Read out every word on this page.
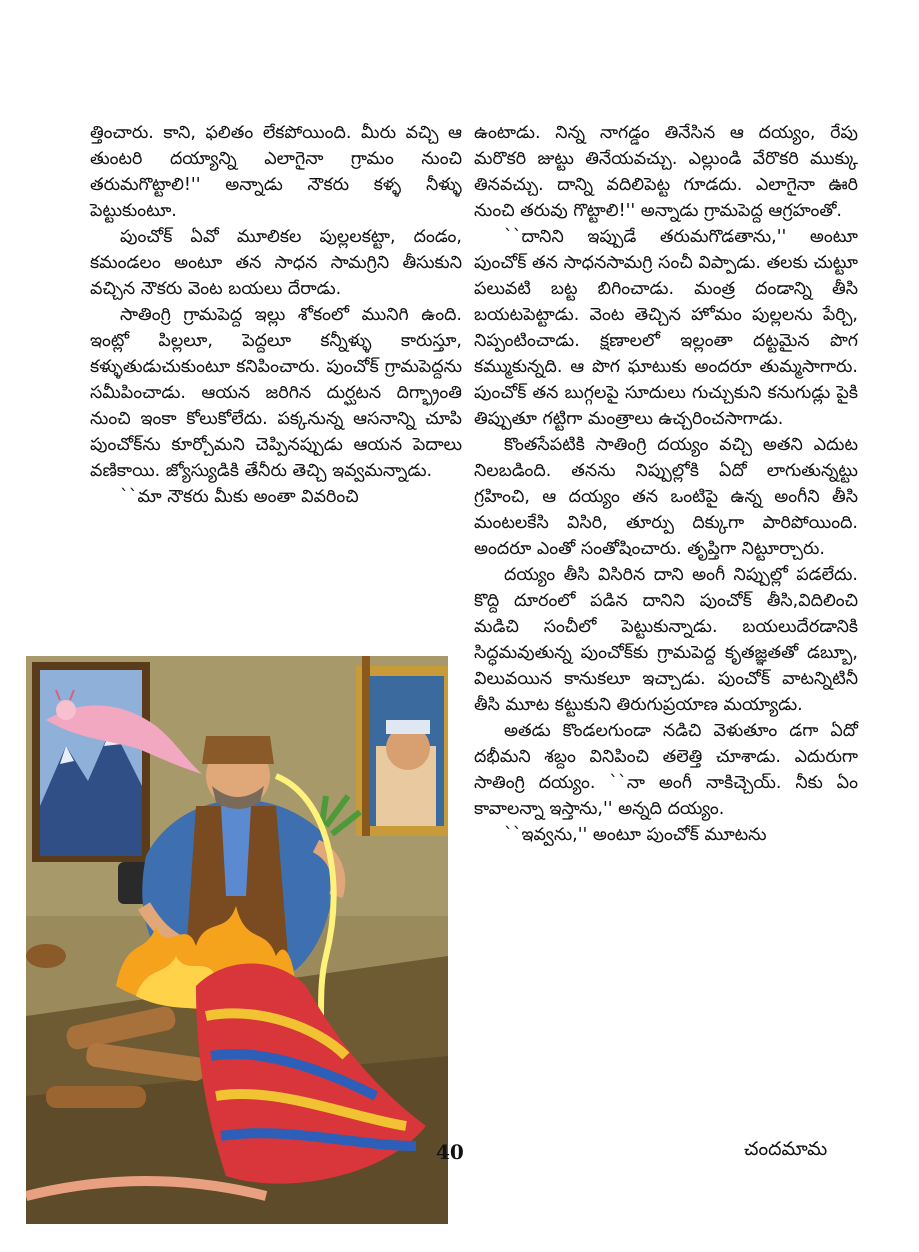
త్తించారు. కాని, ఫలితం లేకపోయింది. మీరు వచ్చి ఆ తుంటరి దయ్యాన్ని ఎలాగైనా గ్రామం నుంచి తరుమగొట్టాలి!'' అన్నాడు నౌకరు కళ్ళ నీళ్ళు పెట్టుకుంటూ.

పుంచోక్ ఏవో మూలికల పుల్లలకట్టా, దండం, కమండలం అంటూ తన సాధన సామగ్రిని తీసుకుని వచ్చిన నౌకరు వెంట బయలు దేరాడు.

సాతింగ్రి గ్రామపెద్ద ఇల్లు శోకంలో మునిగి ఉంది. ఇంట్లో పిల్లలూ, పెద్దలూ కన్నీళ్ళు కారుస్తూ, కళ్ళుతుడుచుకుంటూ కనిపించారు. పుంచోక్ గ్రామపెద్దను సమీపించాడు. ఆయన జరిగిన దుర్ఘటన దిగ్భ్రాంతి నుంచి ఇంకా కోలుకోలేదు. పక్కనున్న ఆసనాన్ని చూపి పుంచోక్‌ను కూర్చోమని చెప్పినప్పుడు ఆయన పెదాలు వణికాయి. జ్యోస్యుడికి తేనీరు తెచ్చి ఇవ్వమన్నాడు.

``మా నౌకరు మీకు అంతా వివరించి

ఉంటాడు. నిన్న నాగడ్డం తినేసిన ఆ దయ్యం, రేపు మరొకరి జుట్టు తినేయవచ్చు. ఎల్లుండి వేరొకరి ముక్కు తినవచ్చు. దాన్ని వదిలిపెట్ట గూడదు. ఎలాగైనా ఊరి నుంచి తరువు గొట్టాలి!'' అన్నాడు గ్రామపెద్ద ఆగ్రహంతో.

``దానిని ఇప్పుడే తరుమగొడతాను,'' అంటూ పుంచోక్ తన సాధనసామగ్రి సంచీ విప్పాడు. తలకు చుట్టూ పలువటి బట్ట బిగించాడు. మంత్ర దండాన్ని తీసి బయటపెట్టాడు. వెంట తెచ్చిన హోమం పుల్లలను పేర్చి, నిప్పంటించాడు. క్షణాలలో ఇల్లంతా దట్టమైన పొగ కమ్ముకున్నది. ఆ పొగ ఘాటుకు అందరూ తుమ్మసాగారు. పుంచోక్ తన బుగ్గలపై సూదులు గుచ్చుకుని కనుగుడ్లు పైకి తిప్పుతూ గట్టిగా మంత్రాలు ఉచ్చరించసాగాడు.

కొంతసేపటికి సాతింగ్రి దయ్యం వచ్చి అతని ఎదుట నిలబడింది. తనను నిప్పుల్లోకి ఏదో లాగుతున్నట్టు గ్రహించి, ఆ దయ్యం తన ఒంటిపై ఉన్న అంగీని తీసి మంటలకేసి విసిరి, తూర్పు దిక్కుగా పారిపోయింది. అందరూ ఎంతో సంతోషించారు. తృప్తిగా నిట్టూర్చారు.

దయ్యం తీసి విసిరిన దాని అంగీ నిప్పుల్లో పడలేదు. కొద్ది దూరంలో పడిన దానిని పుంచోక్ తీసి,విదిలించి మడిచి సంచీలో పెట్టుకున్నాడు. బయలుదేరడానికి సిద్ధమవుతున్న పుంచోక్‌కు గ్రామపెద్ద కృతజ్ఞతతో డబ్బూ, విలువయిన కానుకలూ ఇచ్చాడు. పుంచోక్ వాటన్నిటినీ తీసి మూట కట్టుకుని తిరుగుప్రయాణ మయ్యాడు.

అతడు కొండలగుండా నడిచి వెళుతూం డగా ఏదో దభీమని శబ్దం వినిపించి తలెత్తి చూశాడు. ఎదురుగా సాతింగ్రి దయ్యం. ``నా అంగీ నాకిచ్చెయ్. నీకు ఏం కావాలన్నా ఇస్తాను,'' అన్నది దయ్యం.

``ఇవ్వను,'' అంటూ పుంచోక్ మూటను

40	చందమామ
